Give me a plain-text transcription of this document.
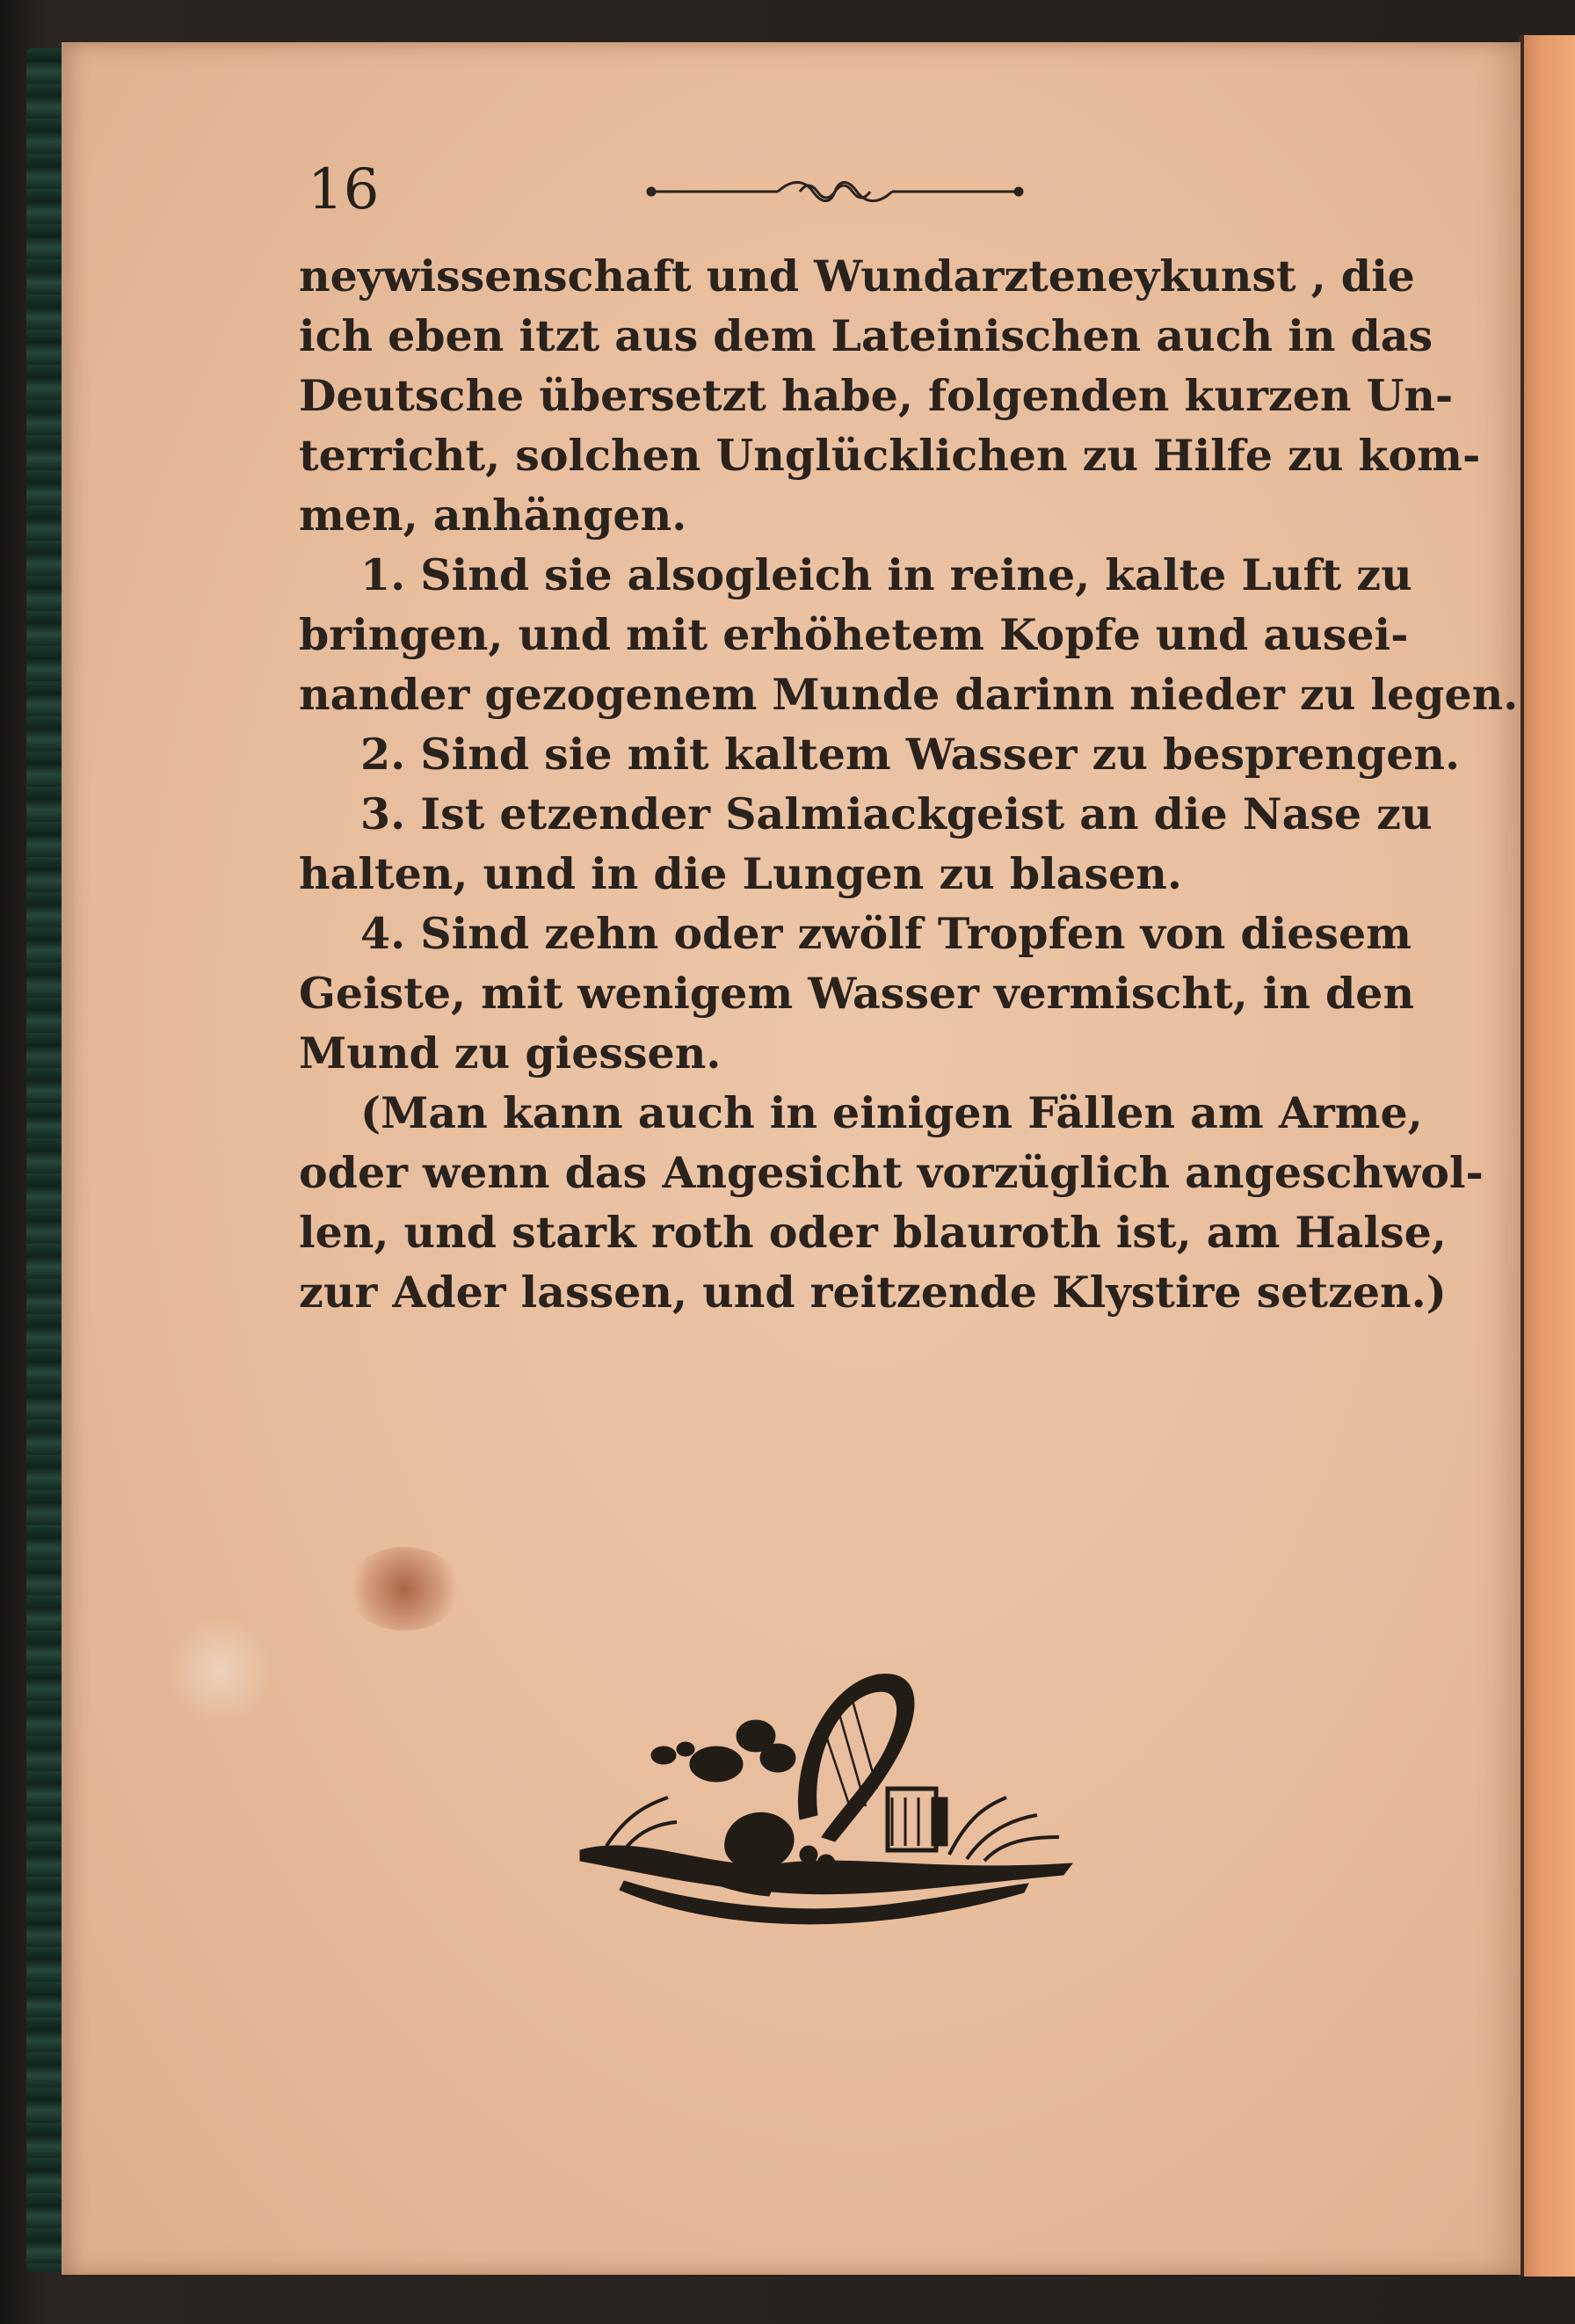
16
neywissenschaft und Wundarzteneykunst , die
ich eben itzt aus dem Lateinischen auch in das
Deutsche übersetzt habe, folgenden kurzen Un-
terricht, solchen Unglücklichen zu Hilfe zu kom-
men, anhängen.
1. Sind sie alsogleich in reine, kalte Luft zu
bringen, und mit erhöhetem Kopfe und ausei-
nander gezogenem Munde darinn nieder zu legen.
2. Sind sie mit kaltem Wasser zu besprengen.
3. Ist etzender Salmiackgeist an die Nase zu
halten, und in die Lungen zu blasen.
4. Sind zehn oder zwölf Tropfen von diesem
Geiste, mit wenigem Wasser vermischt, in den
Mund zu giessen.
(Man kann auch in einigen Fällen am Arme,
oder wenn das Angesicht vorzüglich angeschwol-
len, und stark roth oder blauroth ist, am Halse,
zur Ader lassen, und reitzende Klystire setzen.)
